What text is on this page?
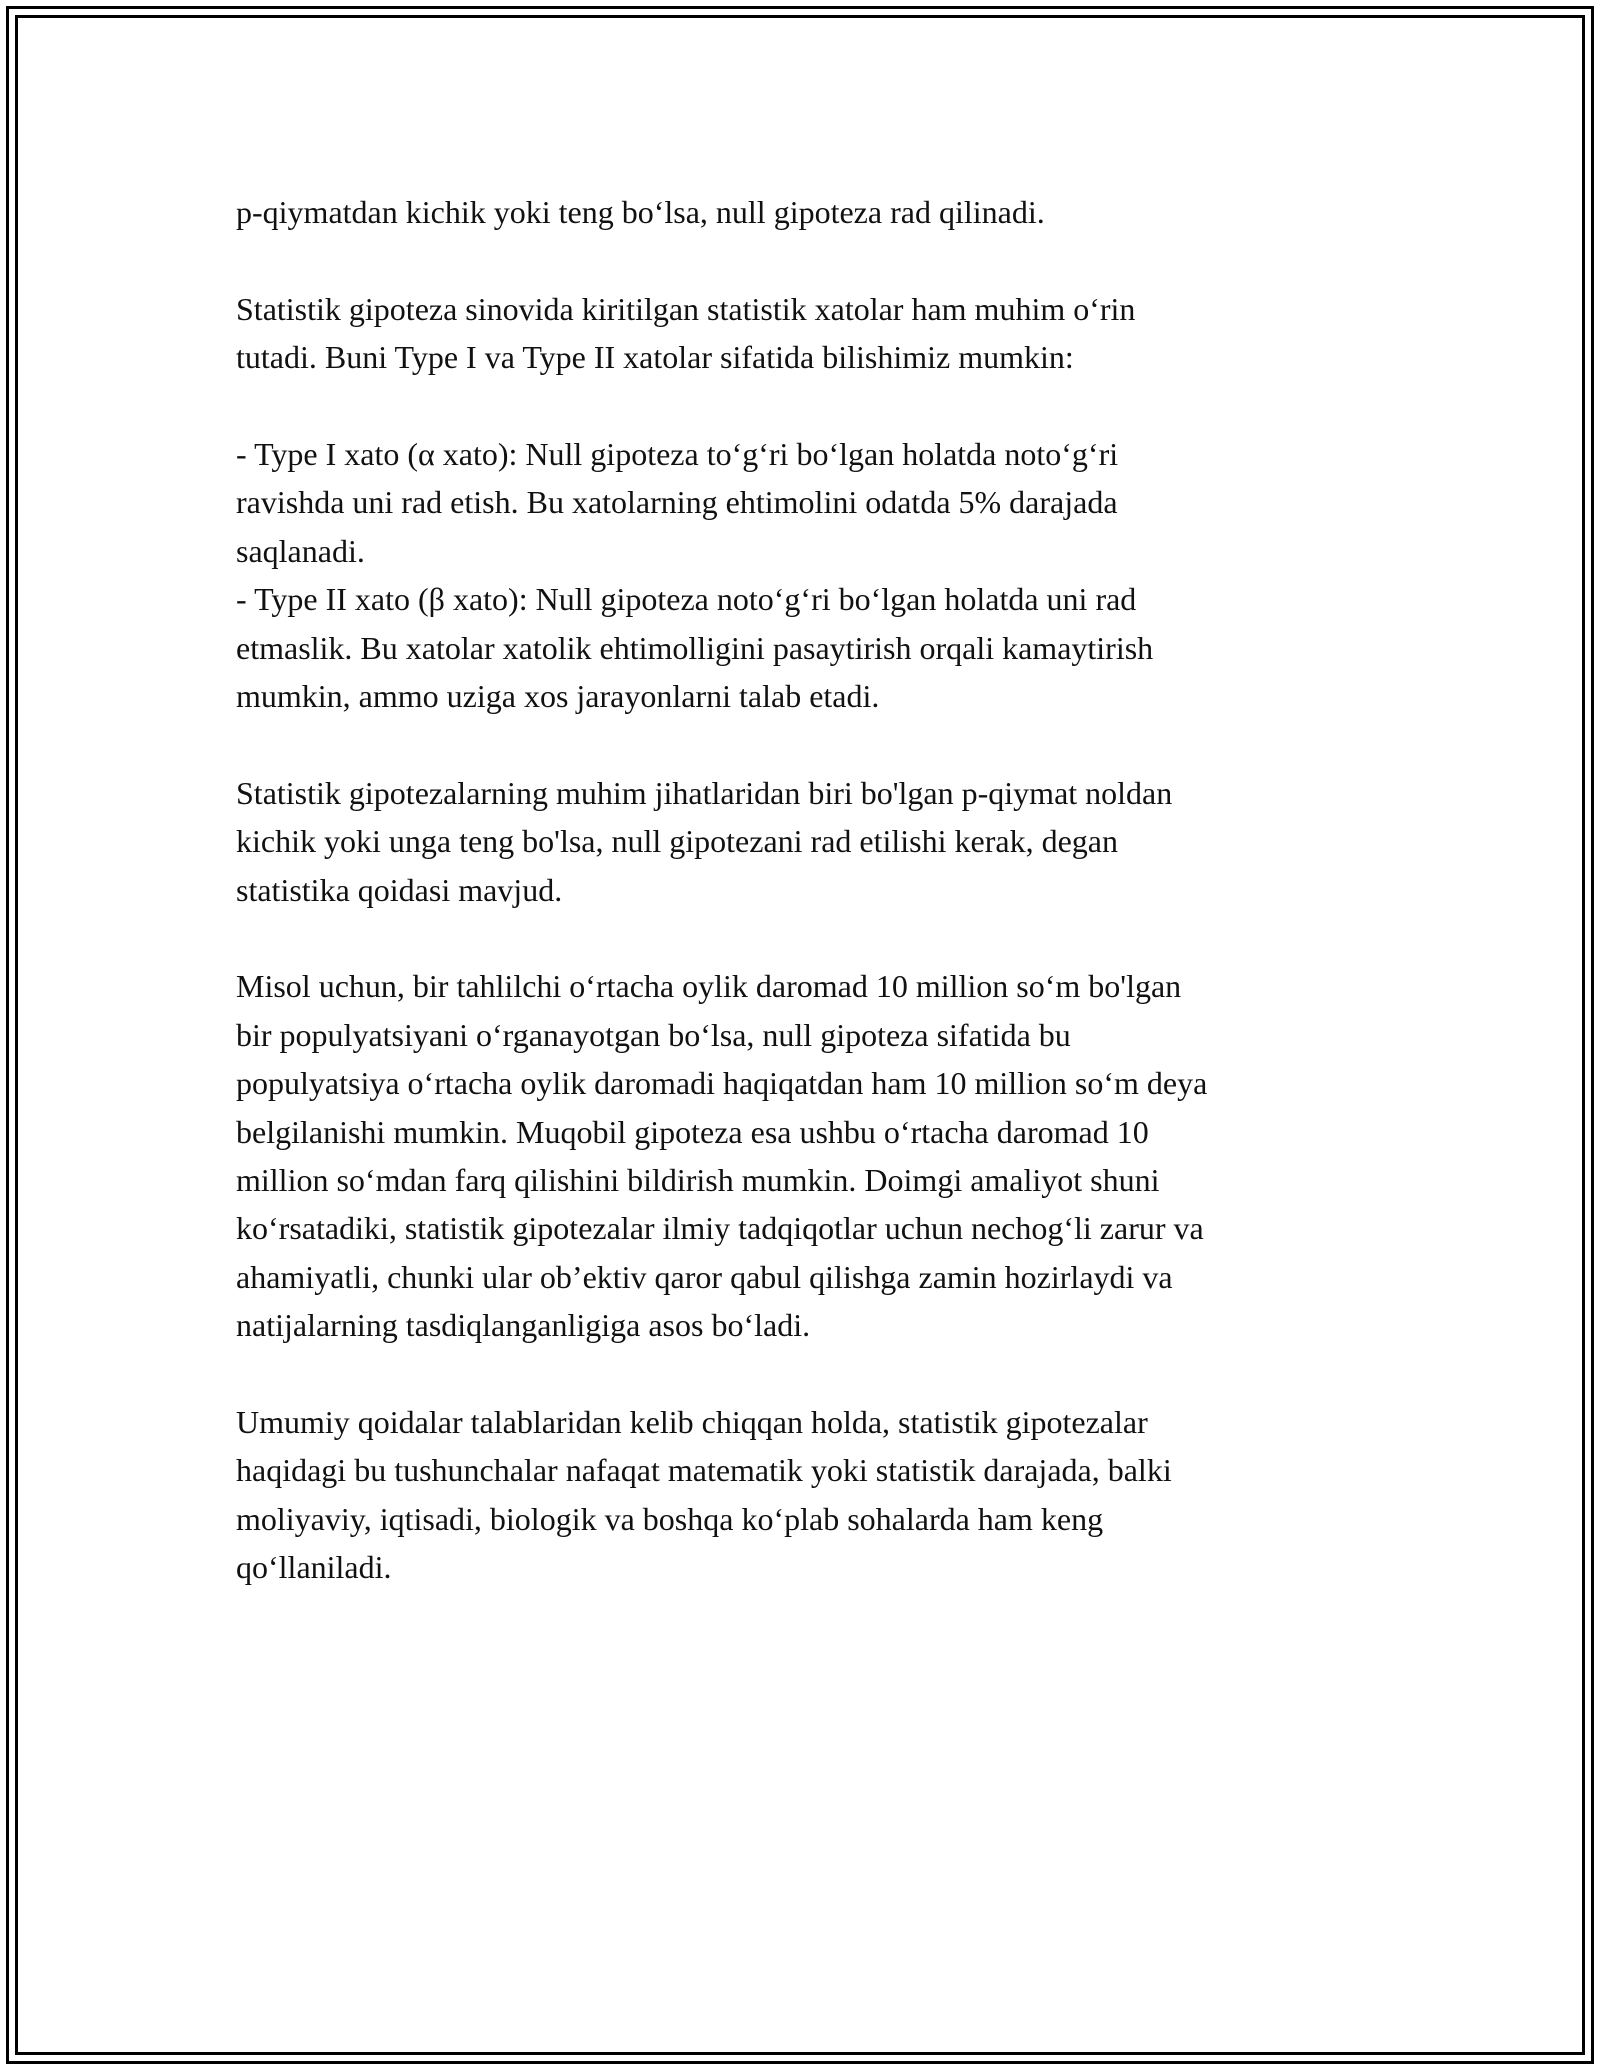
p-qiymatdan kichik yoki teng bo‘lsa, null gipoteza rad qilinadi.

Statistik gipoteza sinovida kiritilgan statistik xatolar ham muhim o‘rin
tutadi. Buni Type I va Type II xatolar sifatida bilishimiz mumkin:

- Type I xato (α xato): Null gipoteza to‘g‘ri bo‘lgan holatda noto‘g‘ri
ravishda uni rad etish. Bu xatolarning ehtimolini odatda 5% darajada
saqlanadi.

- Type II xato (β xato): Null gipoteza noto‘g‘ri bo‘lgan holatda uni rad
etmaslik. Bu xatolar xatolik ehtimolligini pasaytirish orqali kamaytirish
mumkin, ammo uziga xos jarayonlarni talab etadi.

Statistik gipotezalarning muhim jihatlaridan biri bo'lgan p-qiymat noldan
kichik yoki unga teng bo'lsa, null gipotezani rad etilishi kerak, degan
statistika qoidasi mavjud.

Misol uchun, bir tahlilchi o‘rtacha oylik daromad 10 million so‘m bo'lgan
bir populyatsiyani o‘rganayotgan bo‘lsa, null gipoteza sifatida bu
populyatsiya o‘rtacha oylik daromadi haqiqatdan ham 10 million so‘m deya
belgilanishi mumkin. Muqobil gipoteza esa ushbu o‘rtacha daromad 10
million so‘mdan farq qilishini bildirish mumkin. Doimgi amaliyot shuni
ko‘rsatadiki, statistik gipotezalar ilmiy tadqiqotlar uchun nechog‘li zarur va
ahamiyatli, chunki ular ob’ektiv qaror qabul qilishga zamin hozirlaydi va
natijalarning tasdiqlanganligiga asos bo‘ladi.

Umumiy qoidalar talablaridan kelib chiqqan holda, statistik gipotezalar
haqidagi bu tushunchalar nafaqat matematik yoki statistik darajada, balki
moliyaviy, iqtisadi, biologik va boshqa ko‘plab sohalarda ham keng
qo‘llaniladi.
